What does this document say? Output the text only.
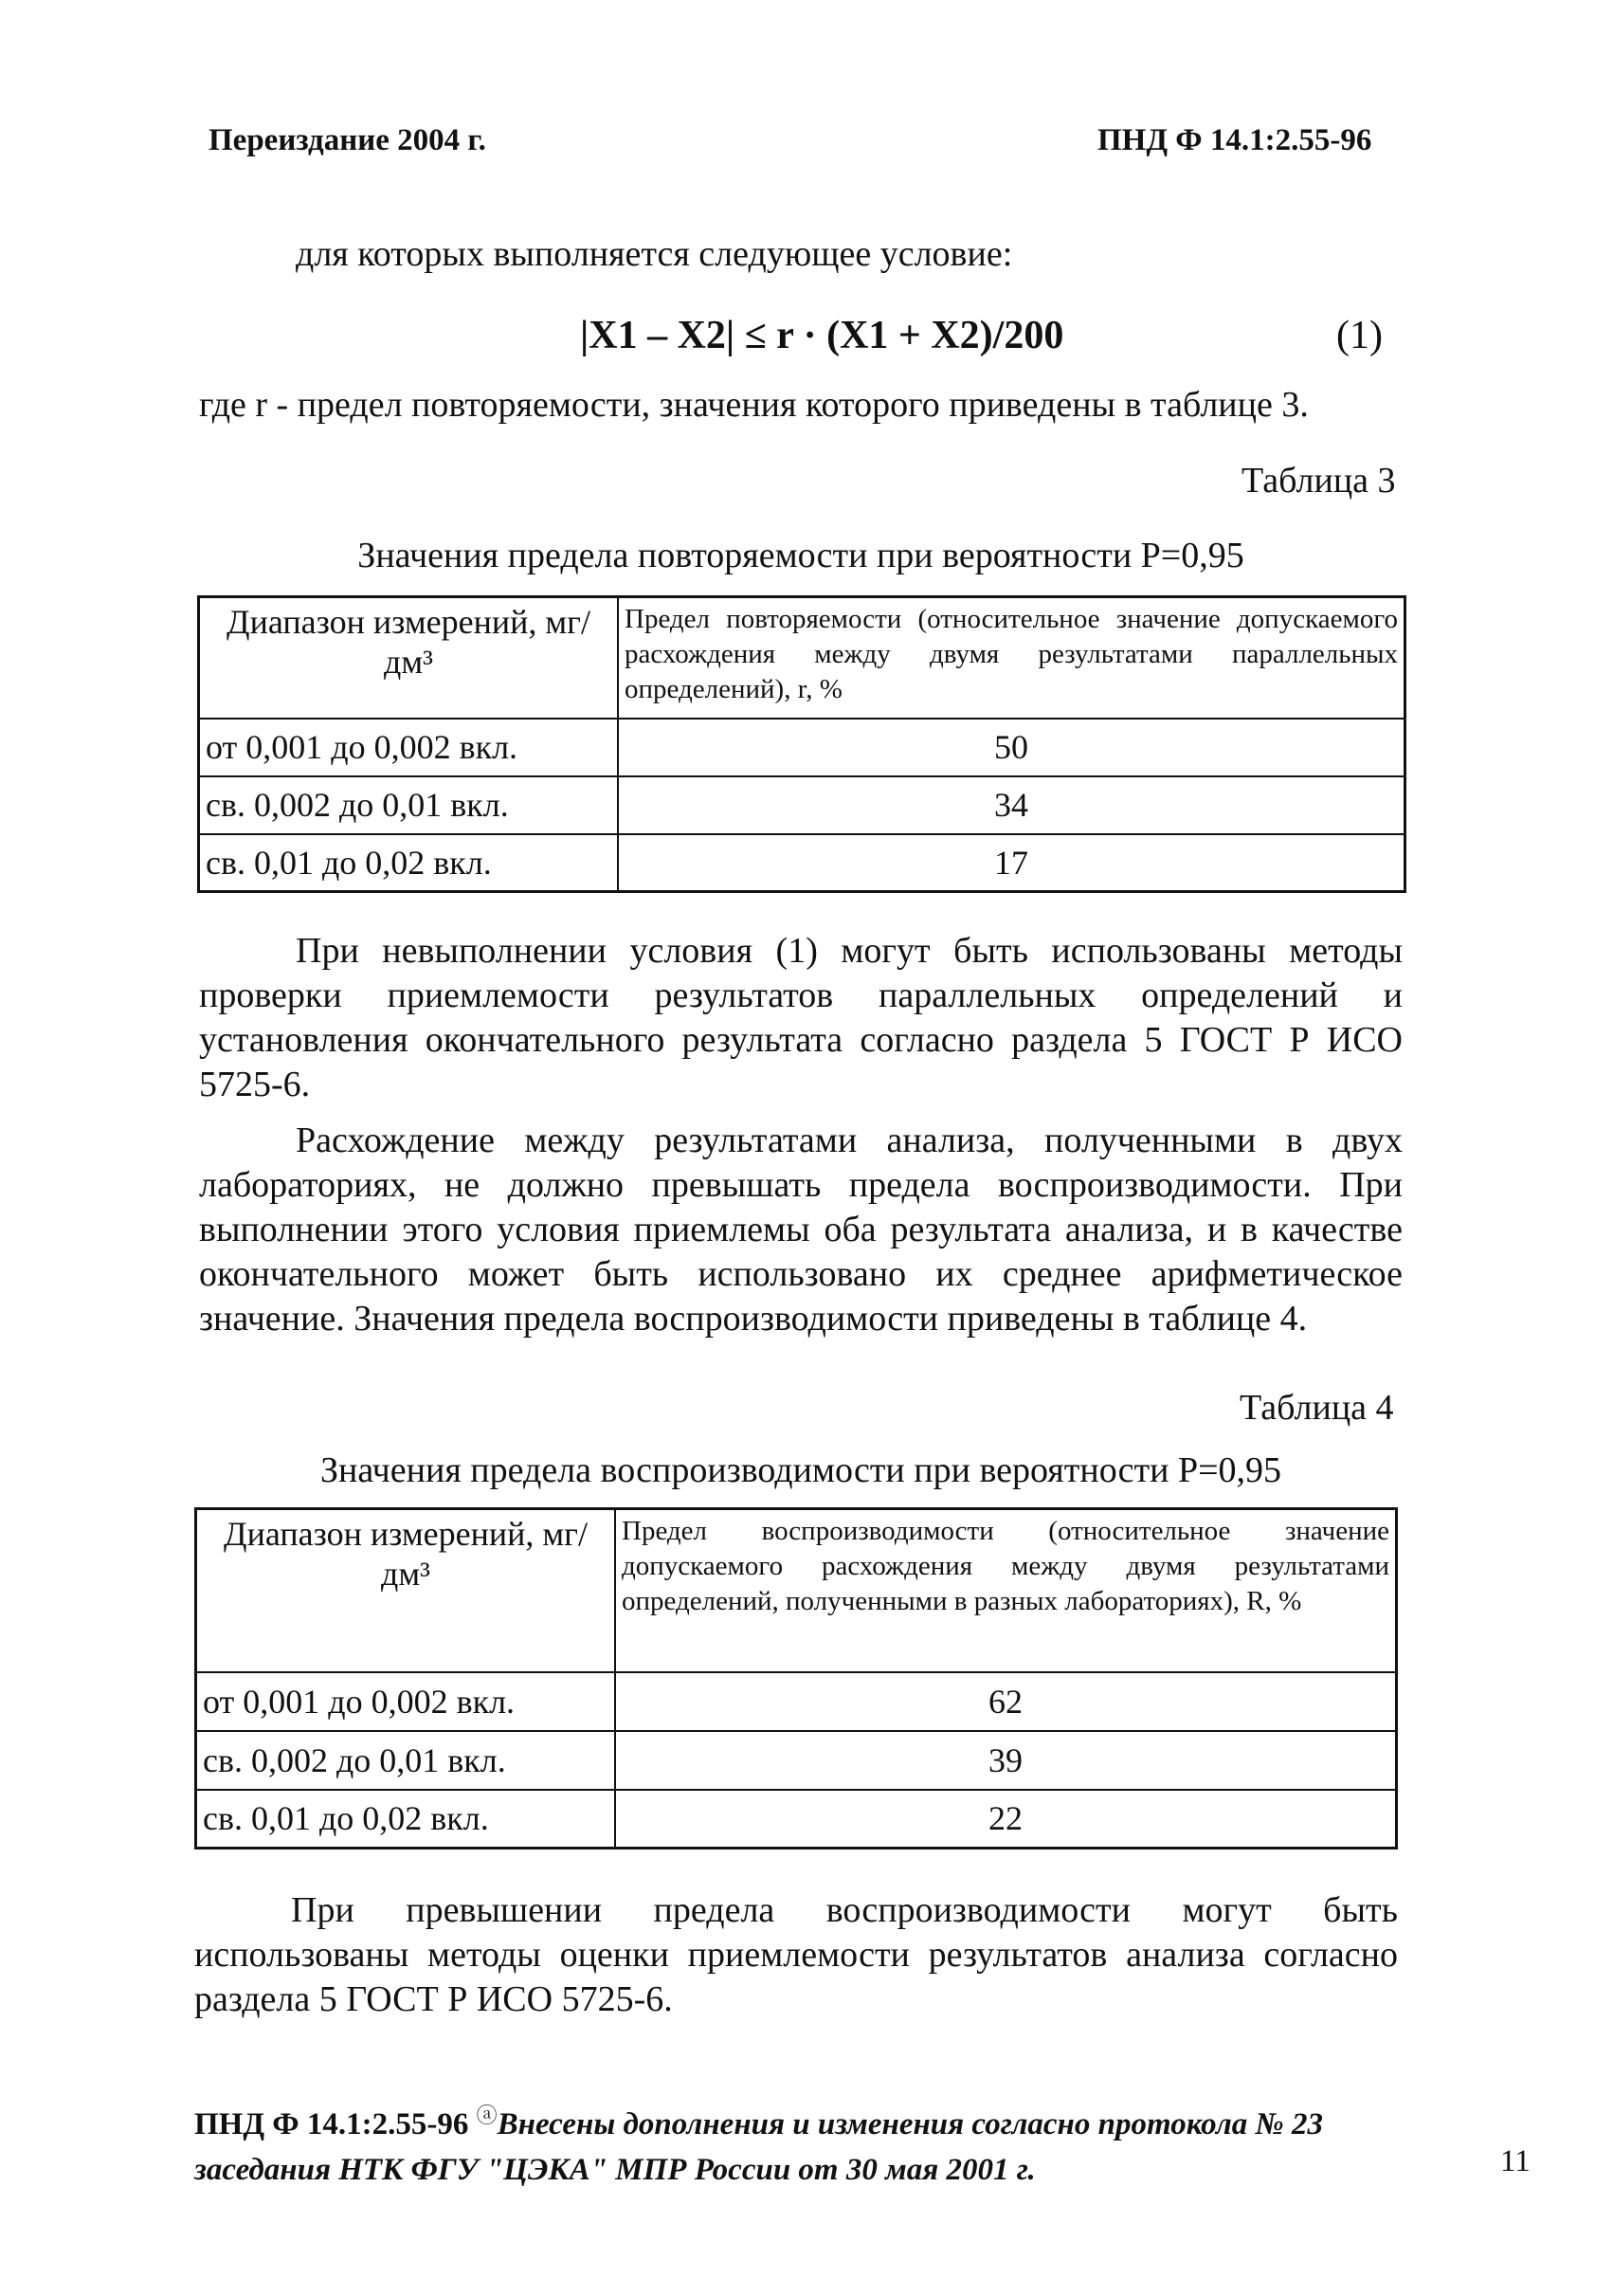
Переиздание 2004 г.	ПНД Ф 14.1:2.55-96
для которых выполняется следующее условие:
|X1 – X2| ≤ r · (X1 + X2)/200	(1)
где r - предел повторяемости, значения которого приведены в таблице 3.
Таблица 3
Значения предела повторяемости при вероятности P=0,95
Диапазон измерений, мг/дм³	Предел повторяемости (относительное значение допускаемого расхождения между двумя результатами параллельных определений), r, %
от 0,001 до 0,002 вкл.	50
св. 0,002 до 0,01 вкл.	34
св. 0,01 до 0,02 вкл.	17
При невыполнении условия (1) могут быть использованы методы проверки приемлемости результатов параллельных определений и установления окончательного результата согласно раздела 5 ГОСТ Р ИСО 5725-6.
Расхождение между результатами анализа, полученными в двух лабораториях, не должно превышать предела воспроизводимости. При выполнении этого условия приемлемы оба результата анализа, и в качестве окончательного может быть использовано их среднее арифметическое значение. Значения предела воспроизводимости приведены в таблице 4.
Таблица 4
Значения предела воспроизводимости при вероятности P=0,95
Диапазон измерений, мг/дм³	Предел воспроизводимости (относительное значение допускаемого расхождения между двумя результатами определений, полученными в разных лабораториях), R, %
от 0,001 до 0,002 вкл.	62
св. 0,002 до 0,01 вкл.	39
св. 0,01 до 0,02 вкл.	22
При превышении предела воспроизводимости могут быть использованы методы оценки приемлемости результатов анализа согласно раздела 5 ГОСТ Р ИСО 5725-6.
ПНД Ф 14.1:2.55-96 ⓐВнесены дополнения и изменения согласно протокола № 23 заседания НТК ФГУ "ЦЭКА" МПР России от 30 мая 2001 г.	11
